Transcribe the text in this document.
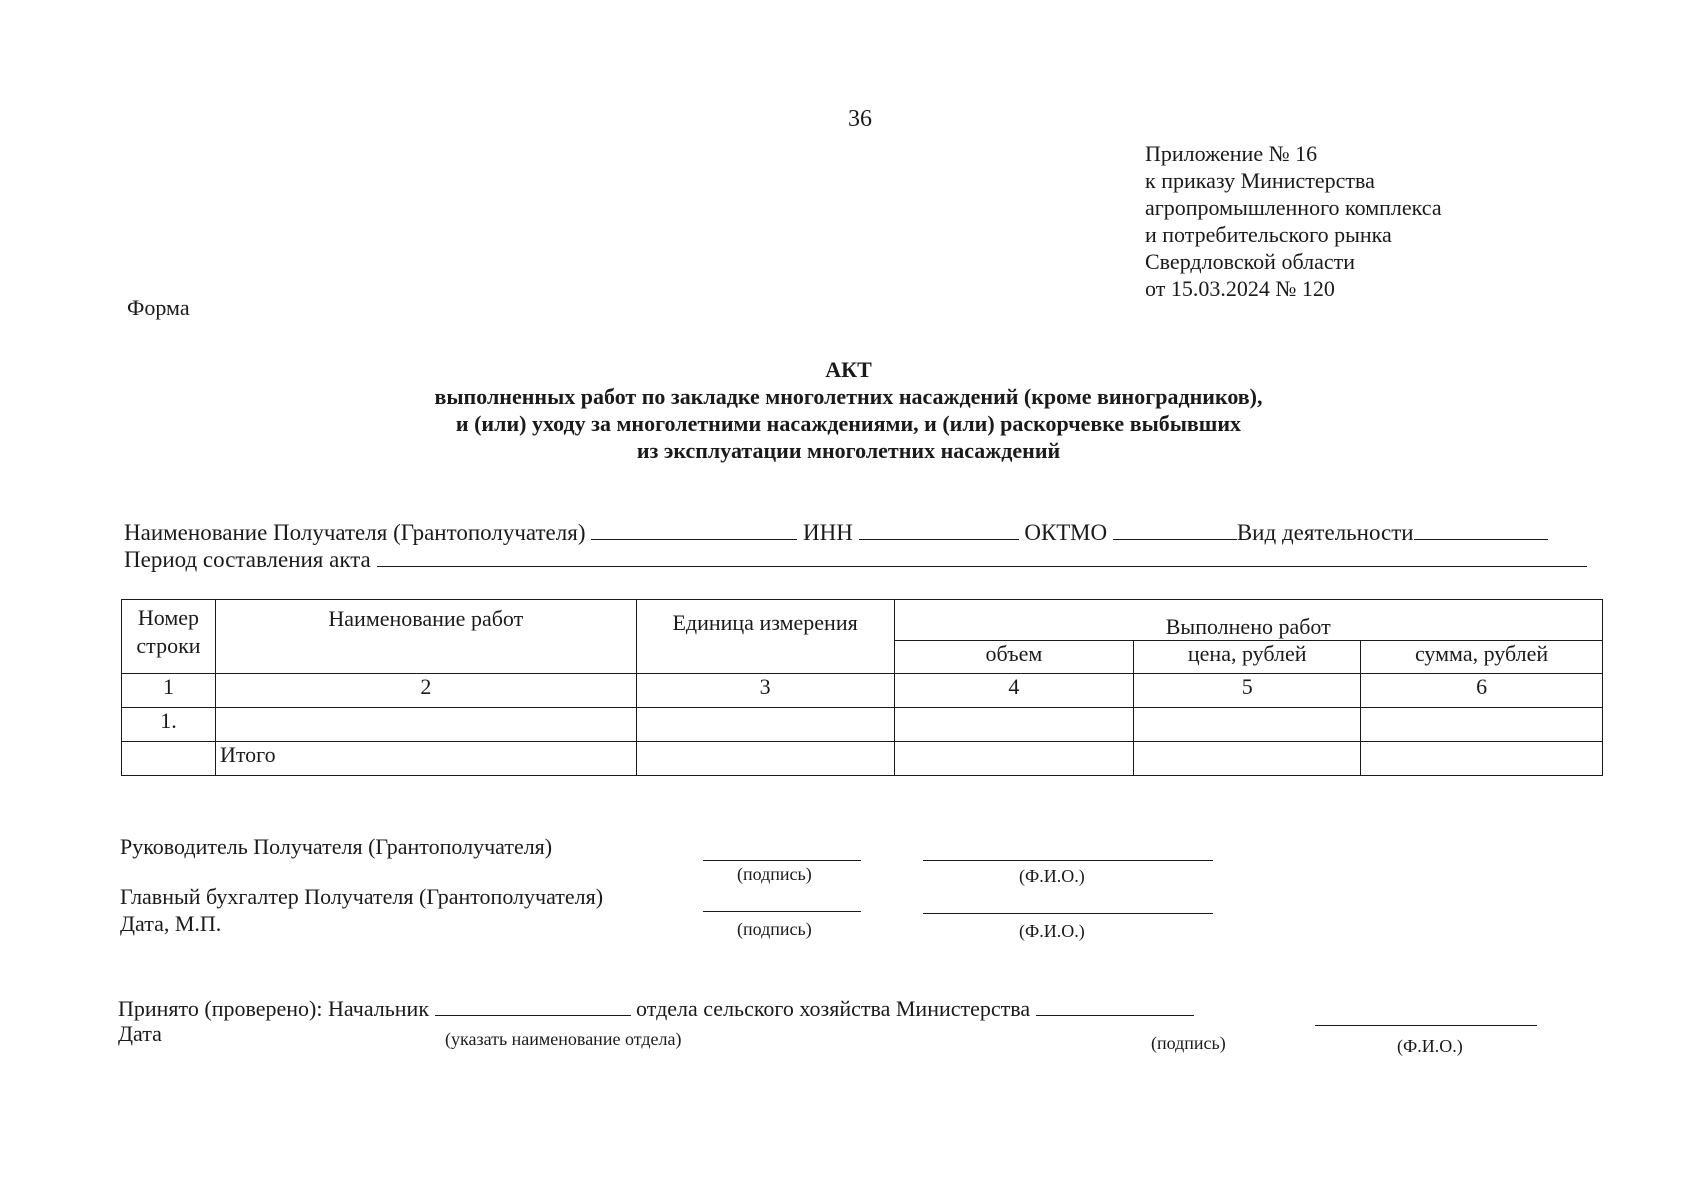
36
Приложение № 16
к приказу Министерства
агропромышленного комплекса
и потребительского рынка
Свердловской области
от 15.03.2024 № 120
Форма
АКТ
выполненных работ по закладке многолетних насаждений (кроме виноградников),
и (или) уходу за многолетними насаждениями, и (или) раскорчевке выбывших
из эксплуатации многолетних насаждений
Наименование Получателя (Грантополучателя)	ИНН	ОКТМО	Вид деятельности
Период составления акта
Номер строки	Наименование работ	Единица измерения	Выполнено работ		
			объем	цена, рублей	сумма, рублей
1	2	3	4	5	6
1.					
	Итого				
Руководитель Получателя (Грантополучателя)
(подпись)	(Ф.И.О.)
Главный бухгалтер Получателя (Грантополучателя)
Дата, М.П.	(подпись)	(Ф.И.О.)
Принято (проверено): Начальник	отдела сельского хозяйства Министерства
Дата	(указать наименование отдела)	(подпись)	(Ф.И.О.)
